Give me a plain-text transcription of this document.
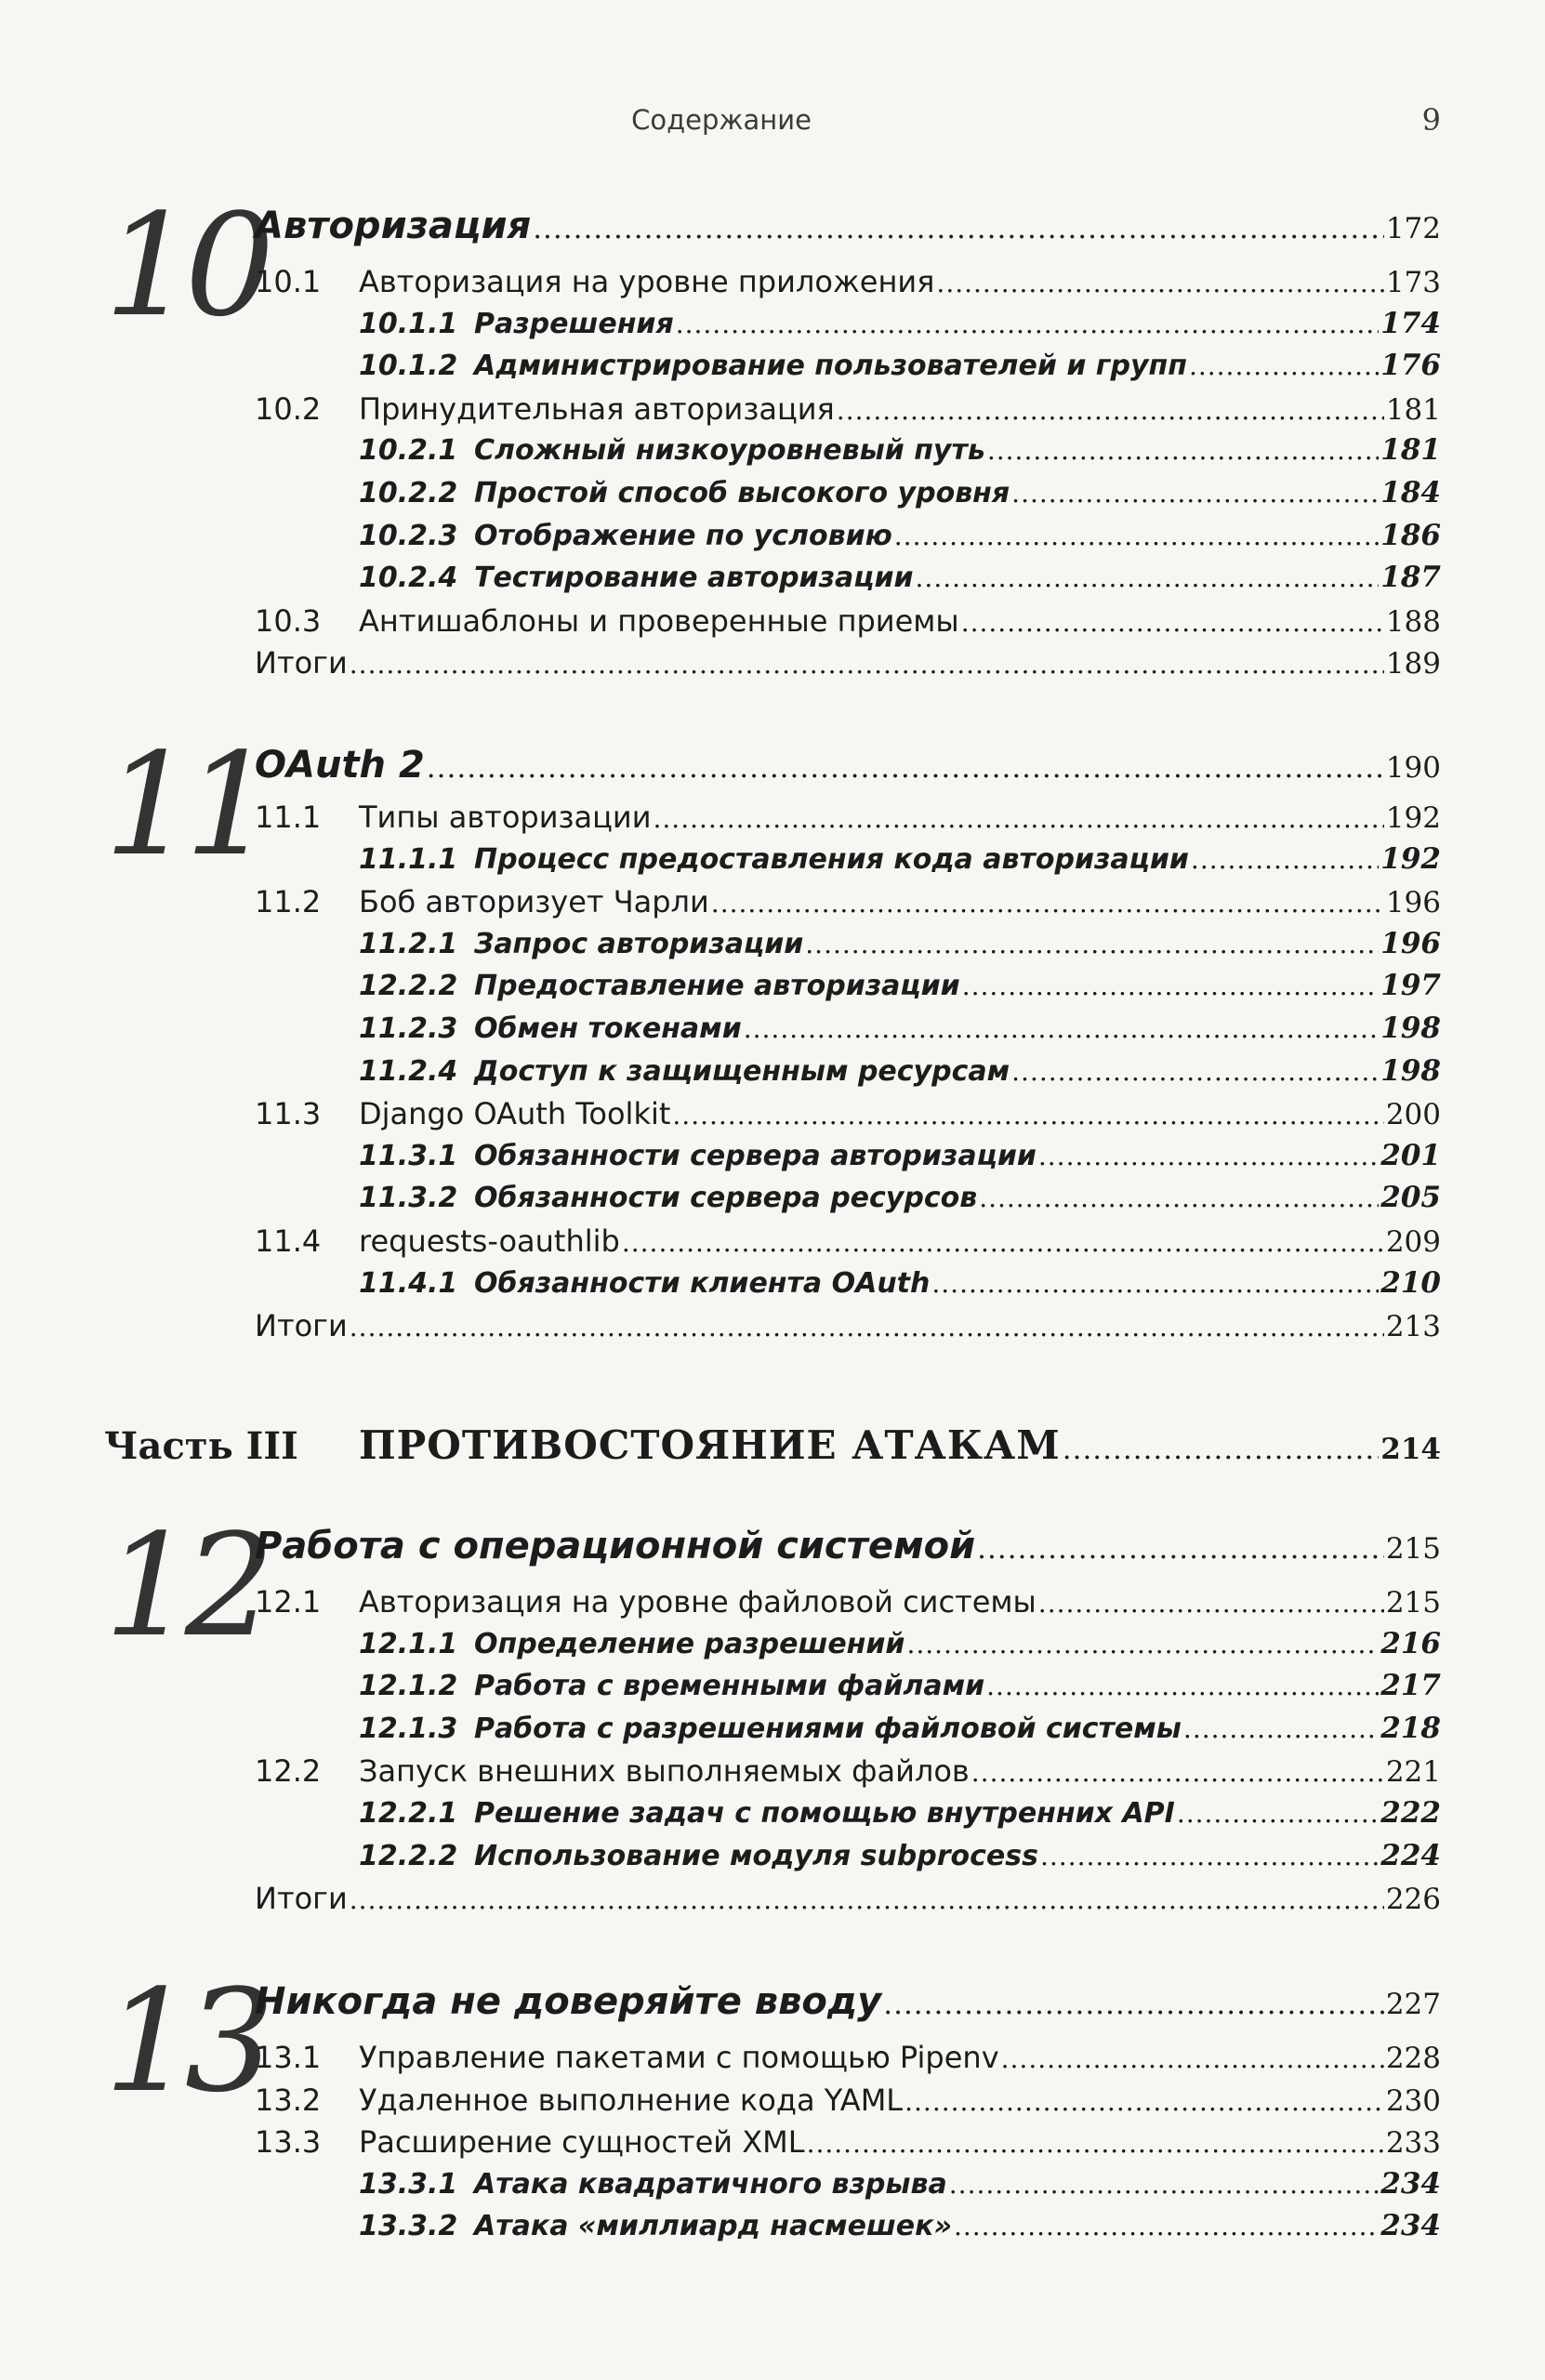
Содержание	9
10
Авторизация .....	172
10.1 Авторизация на уровне приложения .....	173
10.1.1 Разрешения .....	174
10.1.2 Администрирование пользователей и групп .....	176
10.2 Принудительная авторизация .....	181
10.2.1 Сложный низкоуровневый путь .....	181
10.2.2 Простой способ высокого уровня .....	184
10.2.3 Отображение по условию .....	186
10.2.4 Тестирование авторизации .....	187
10.3 Антишаблоны и проверенные приемы .....	188
Итоги .....	189
11
OAuth 2 .....	190
11.1 Типы авторизации .....	192
11.1.1 Процесс предоставления кода авторизации .....	192
11.2 Боб авторизует Чарли .....	196
11.2.1 Запрос авторизации .....	196
12.2.2 Предоставление авторизации .....	197
11.2.3 Обмен токенами .....	198
11.2.4 Доступ к защищенным ресурсам .....	198
11.3 Django OAuth Toolkit .....	200
11.3.1 Обязанности сервера авторизации .....	201
11.3.2 Обязанности сервера ресурсов .....	205
11.4 requests-oauthlib .....	209
11.4.1 Обязанности клиента OAuth .....	210
Итоги .....	213
Часть III ПРОТИВОСТОЯНИЕ АТАКАМ .....	214
12
Работа с операционной системой .....	215
12.1 Авторизация на уровне файловой системы .....	215
12.1.1 Определение разрешений .....	216
12.1.2 Работа с временными файлами .....	217
12.1.3 Работа с разрешениями файловой системы .....	218
12.2 Запуск внешних выполняемых файлов .....	221
12.2.1 Решение задач с помощью внутренних API .....	222
12.2.2 Использование модуля subprocess .....	224
Итоги .....	226
13
Никогда не доверяйте вводу .....	227
13.1 Управление пакетами с помощью Pipenv .....	228
13.2 Удаленное выполнение кода YAML .....	230
13.3 Расширение сущностей XML .....	233
13.3.1 Атака квадратичного взрыва .....	234
13.3.2 Атака «миллиард насмешек» .....	234
